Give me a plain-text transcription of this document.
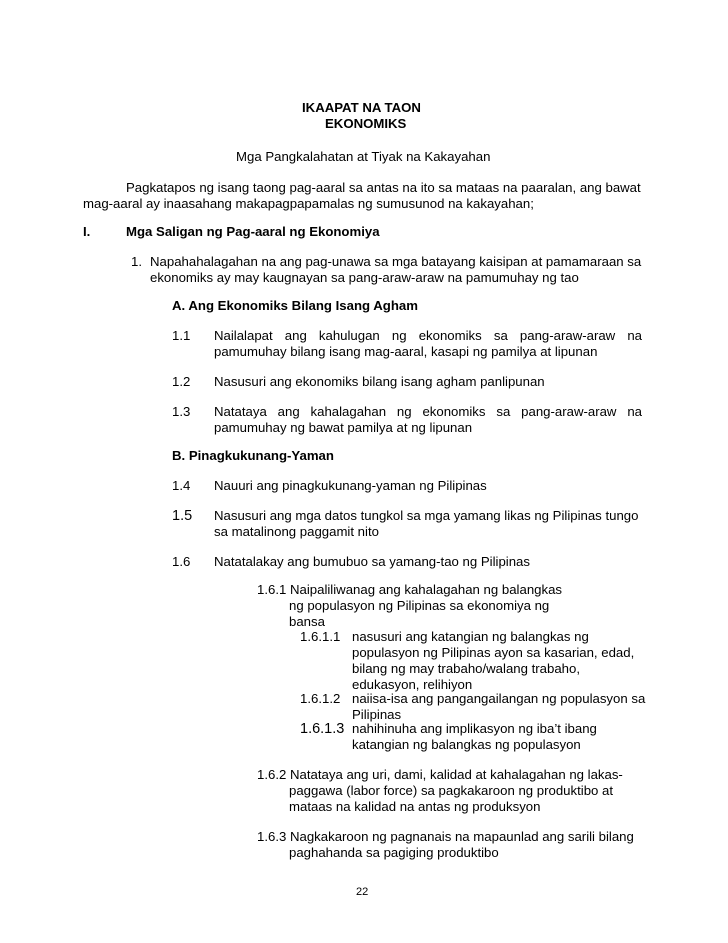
IKAAPAT NA TAON
EKONOMIKS
Mga Pangkalahatan at Tiyak na Kakayahan
Pagkatapos ng isang taong pag-aaral sa antas na ito sa mataas na paaralan, ang bawat
mag-aaral ay inaasahang makapagpapamalas ng sumusunod na kakayahan;
I.	Mga Saligan ng Pag-aaral ng Ekonomiya
1. Napahahalagahan na ang pag-unawa sa mga batayang kaisipan at pamamaraan sa
ekonomiks ay may kaugnayan sa pang-araw-araw na pamumuhay ng tao
A. Ang Ekonomiks Bilang Isang Agham
1.1 Nailalapat ang kahulugan ng ekonomiks sa pang-araw-araw na
pamumuhay bilang isang mag-aaral, kasapi ng pamilya at lipunan
1.2 Nasusuri ang ekonomiks bilang isang agham panlipunan
1.3 Natataya ang kahalagahan ng ekonomiks sa pang-araw-araw na
pamumuhay ng bawat pamilya at ng lipunan
B. Pinagkukunang-Yaman
1.4 Nauuri ang pinagkukunang-yaman ng Pilipinas
1.5 Nasusuri ang mga datos tungkol sa mga yamang likas ng Pilipinas tungo
sa matalinong paggamit nito
1.6 Natatalakay ang bumubuo sa yamang-tao ng Pilipinas
1.6.1 Naipaliliwanag ang kahalagahan ng balangkas
ng populasyon ng Pilipinas sa ekonomiya ng
bansa
1.6.1.1 nasusuri ang katangian ng balangkas ng
populasyon ng Pilipinas ayon sa kasarian, edad,
bilang ng may trabaho/walang trabaho,
edukasyon, relihiyon
1.6.1.2 naiisa-isa ang pangangailangan ng populasyon sa
Pilipinas
1.6.1.3 nahihinuha ang implikasyon ng iba’t ibang
katangian ng balangkas ng populasyon
1.6.2 Natataya ang uri, dami, kalidad at kahalagahan ng lakas-
paggawa (labor force) sa pagkakaroon ng produktibo at
mataas na kalidad na antas ng produksyon
1.6.3 Nagkakaroon ng pagnanais na mapaunlad ang sarili bilang
paghahanda sa pagiging produktibo
22
